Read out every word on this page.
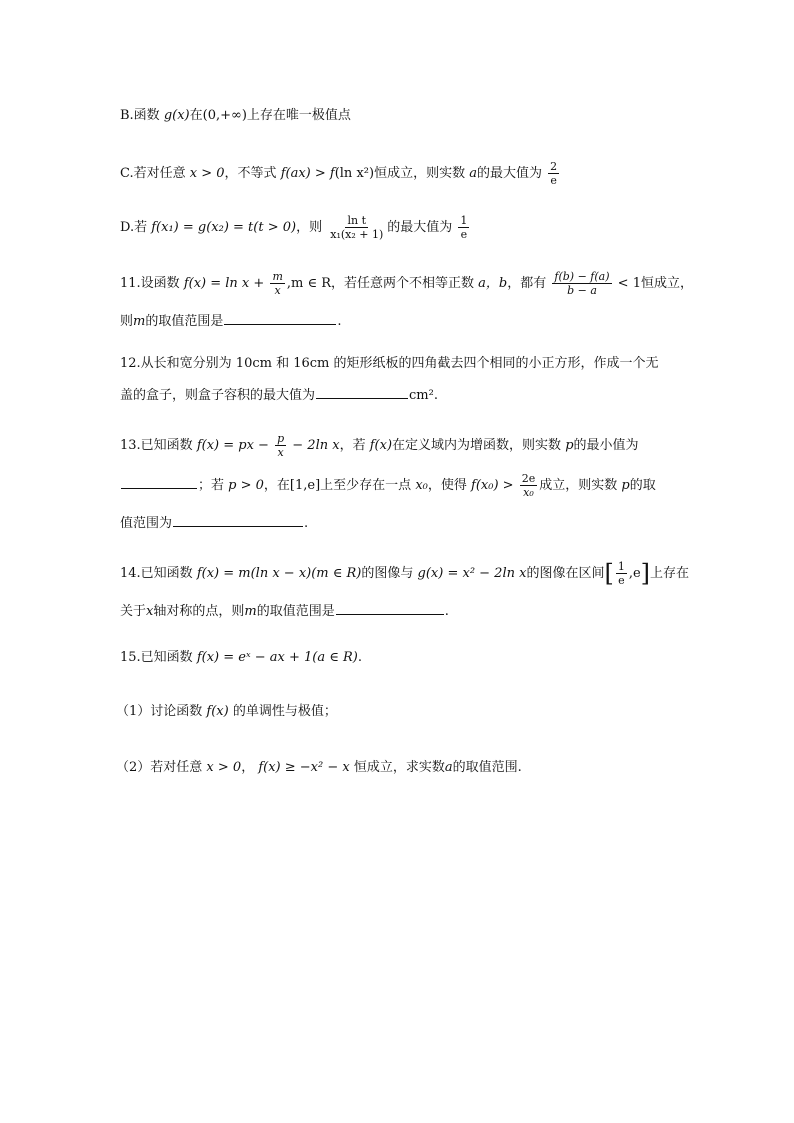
B.函数 g(x)在(0,+∞)上存在唯一极值点
C.若对任意 x > 0，不等式 f(ax) > f(ln x²)恒成立，则实数 a的最大值为 $\frac{2}{e}$
D.若 f(x₁) = g(x₂) = t(t > 0)，则 $\frac{\text{ln t}}{\text{x₁(x₂ + 1)}}$ 的最大值为 $\frac{1}{e}$
11.设函数 $f(x) = \ln x + \frac{m}{x} ,m$ ∈ R，若任意两个不相等正数 a，b，都有 $\frac{f(b) - f(a)}{b - a} < 1$恒成立，
则m的取值范围是	.
12.从长和宽分别为 10cm 和 16cm 的矩形纸板的四角截去四个相同的小正方形，作成一个无
盖的盒子，则盒子容积的最大值为	cm².
13.已知函数 f(x) = px − $\frac{p}{x} - 2\ln$ x，若 f(x)在定义域内为增函数，则实数 p的最小值为
；若 p > 0，在[1,e]上至少存在一点 x₀，使得 $f(x_0) > \frac{2e}{\text{x₀}}$ 成立，则实数 p的取
值范围为	.
14.已知函数 f(x) = m(ln x − x)(m ∈ R)的图像与 g(x) = x² − 2ln x的图像在区间[ $\frac{1}{e} ,e$]上存在
关于x轴对称的点，则m的取值范围是	.
15.已知函数 f(x) = eˣ − ax + 1(a ∈ R).
（1）讨论函数 f(x) 的单调性与极值；
（2）若对任意 x > 0， f(x) ≥ −x² − x 恒成立，求实数a的取值范围.
